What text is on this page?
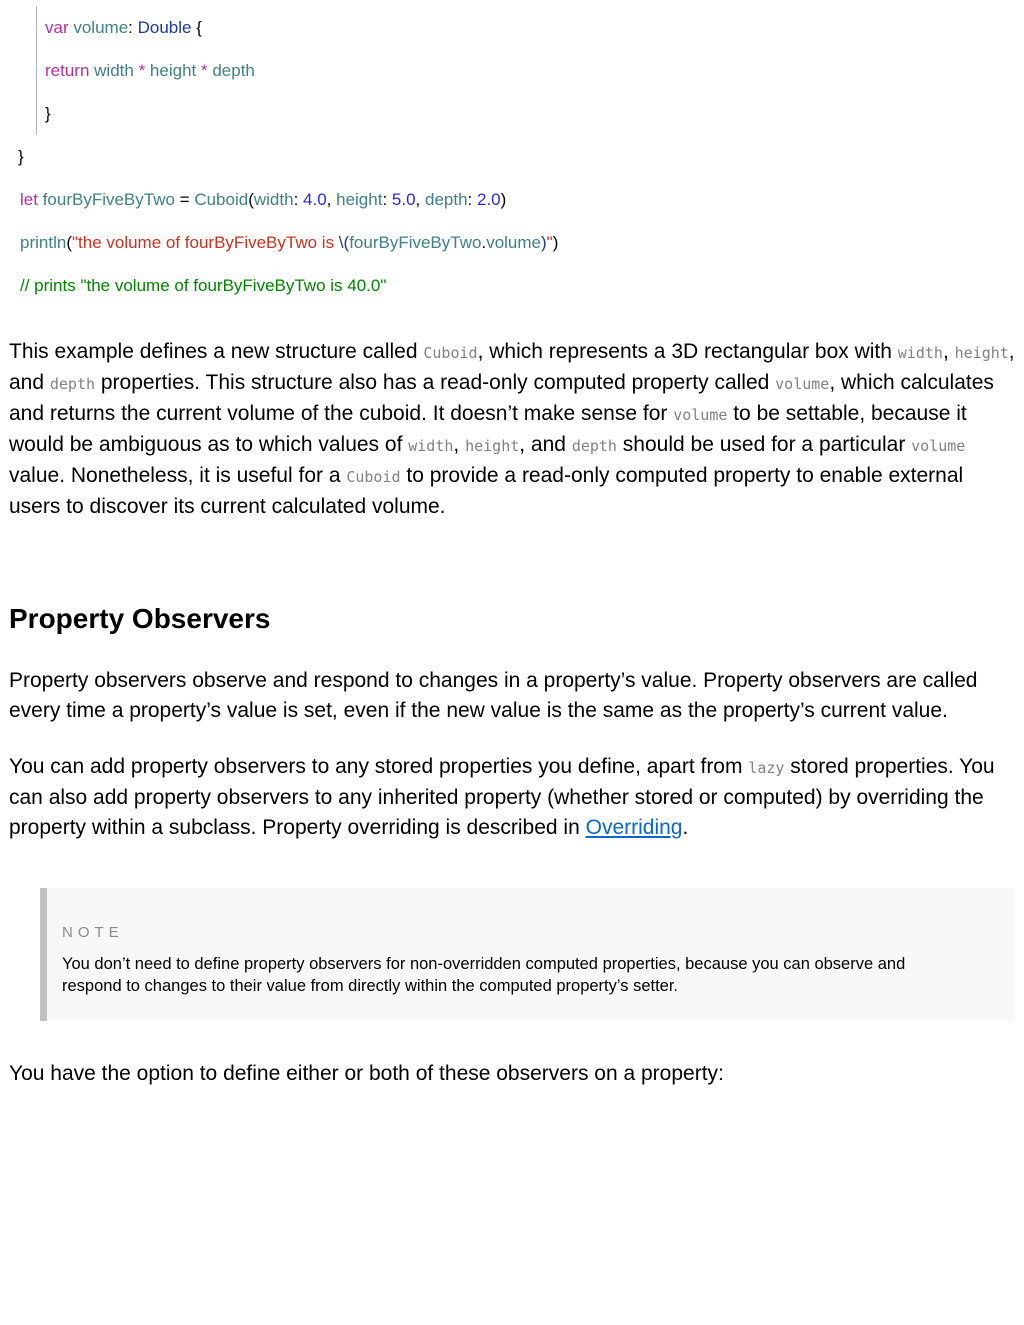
var volume: Double {
return width * height * depth
}
}
let fourByFiveByTwo = Cuboid(width: 4.0, height: 5.0, depth: 2.0)
println("the volume of fourByFiveByTwo is \(fourByFiveByTwo.volume)")
// prints "the volume of fourByFiveByTwo is 40.0"

This example defines a new structure called Cuboid, which represents a 3D rectangular box with width, height, and depth properties. This structure also has a read-only computed property called volume, which calculates and returns the current volume of the cuboid. It doesn’t make sense for volume to be settable, because it would be ambiguous as to which values of width, height, and depth should be used for a particular volume value. Nonetheless, it is useful for a Cuboid to provide a read-only computed property to enable external users to discover its current calculated volume.

Property Observers

Property observers observe and respond to changes in a property’s value. Property observers are called every time a property’s value is set, even if the new value is the same as the property’s current value.

You can add property observers to any stored properties you define, apart from lazy stored properties. You can also add property observers to any inherited property (whether stored or computed) by overriding the property within a subclass. Property overriding is described in Overriding.

NOTE

You don’t need to define property observers for non-overridden computed properties, because you can observe and respond to changes to their value from directly within the computed property’s setter.

You have the option to define either or both of these observers on a property:
